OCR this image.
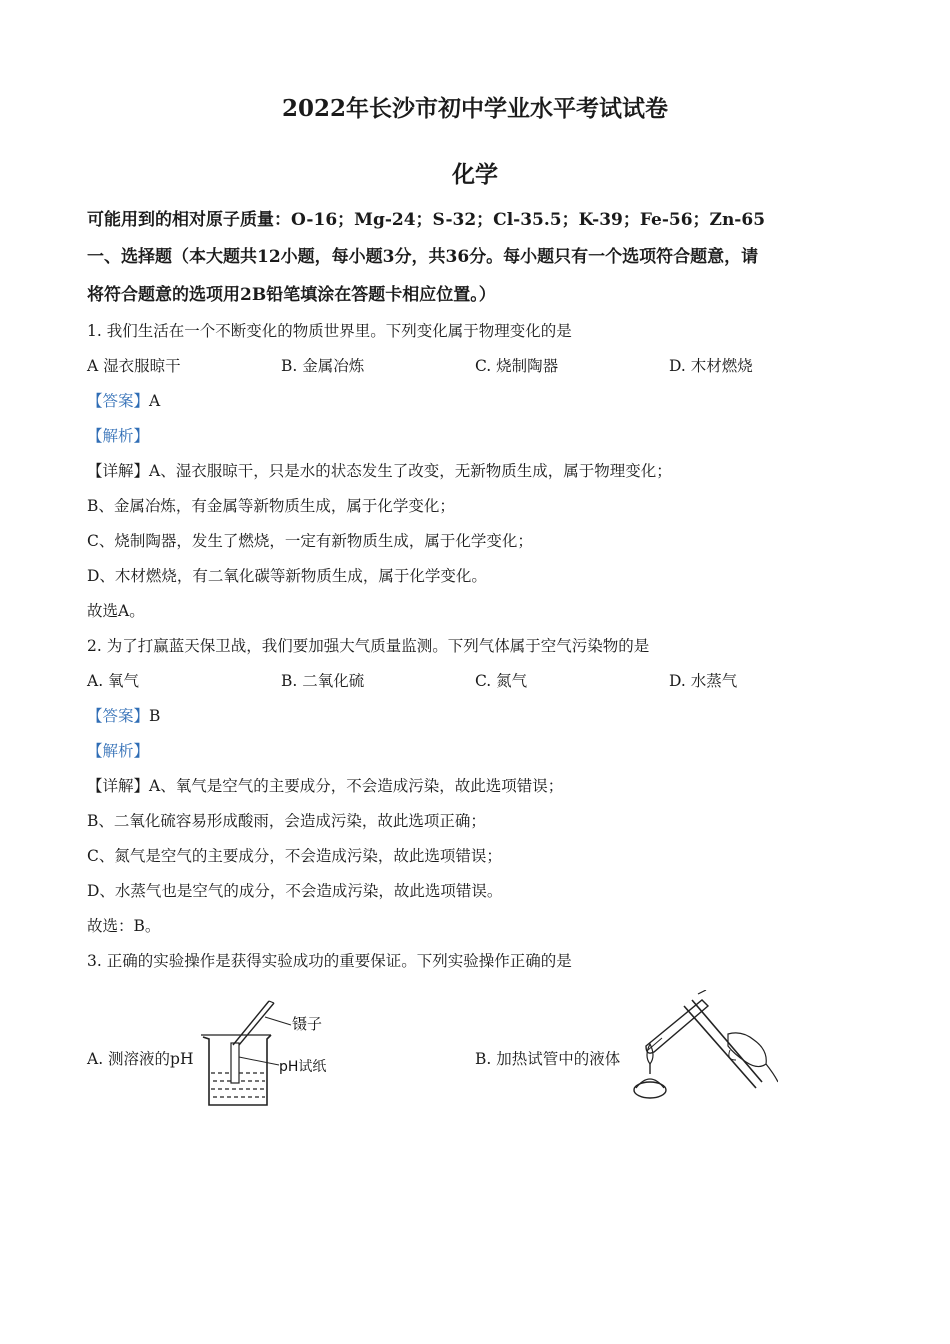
2022年长沙市初中学业水平考试试卷
化学
可能用到的相对原子质量：O-16；Mg-24；S-32；Cl-35.5；K-39；Fe-56；Zn-65
一、选择题（本大题共12小题，每小题3分，共36分。每小题只有一个选项符合题意，请
将符合题意的选项用2B铅笔填涂在答题卡相应位置。）
1. 我们生活在一个不断变化的物质世界里。下列变化属于物理变化的是
A 湿衣服晾干	B. 金属冶炼	C. 烧制陶器	D. 木材燃烧
【答案】A
【解析】
【详解】A、湿衣服晾干，只是水的状态发生了改变，无新物质生成，属于物理变化；
B、金属冶炼，有金属等新物质生成，属于化学变化；
C、烧制陶器，发生了燃烧，一定有新物质生成，属于化学变化；
D、木材燃烧，有二氧化碳等新物质生成，属于化学变化。
故选A。
2. 为了打赢蓝天保卫战，我们要加强大气质量监测。下列气体属于空气污染物的是
A. 氧气	B. 二氧化硫	C. 氮气	D. 水蒸气
【答案】B
【解析】
【详解】A、氧气是空气的主要成分，不会造成污染，故此选项错误；
B、二氧化硫容易形成酸雨，会造成污染，故此选项正确；
C、氮气是空气的主要成分，不会造成污染，故此选项错误；
D、水蒸气也是空气的成分，不会造成污染，故此选项错误。
故选：B。
3. 正确的实验操作是获得实验成功的重要保证。下列实验操作正确的是
A. 测溶液的pH	B. 加热试管中的液体
镊子
pH试纸
